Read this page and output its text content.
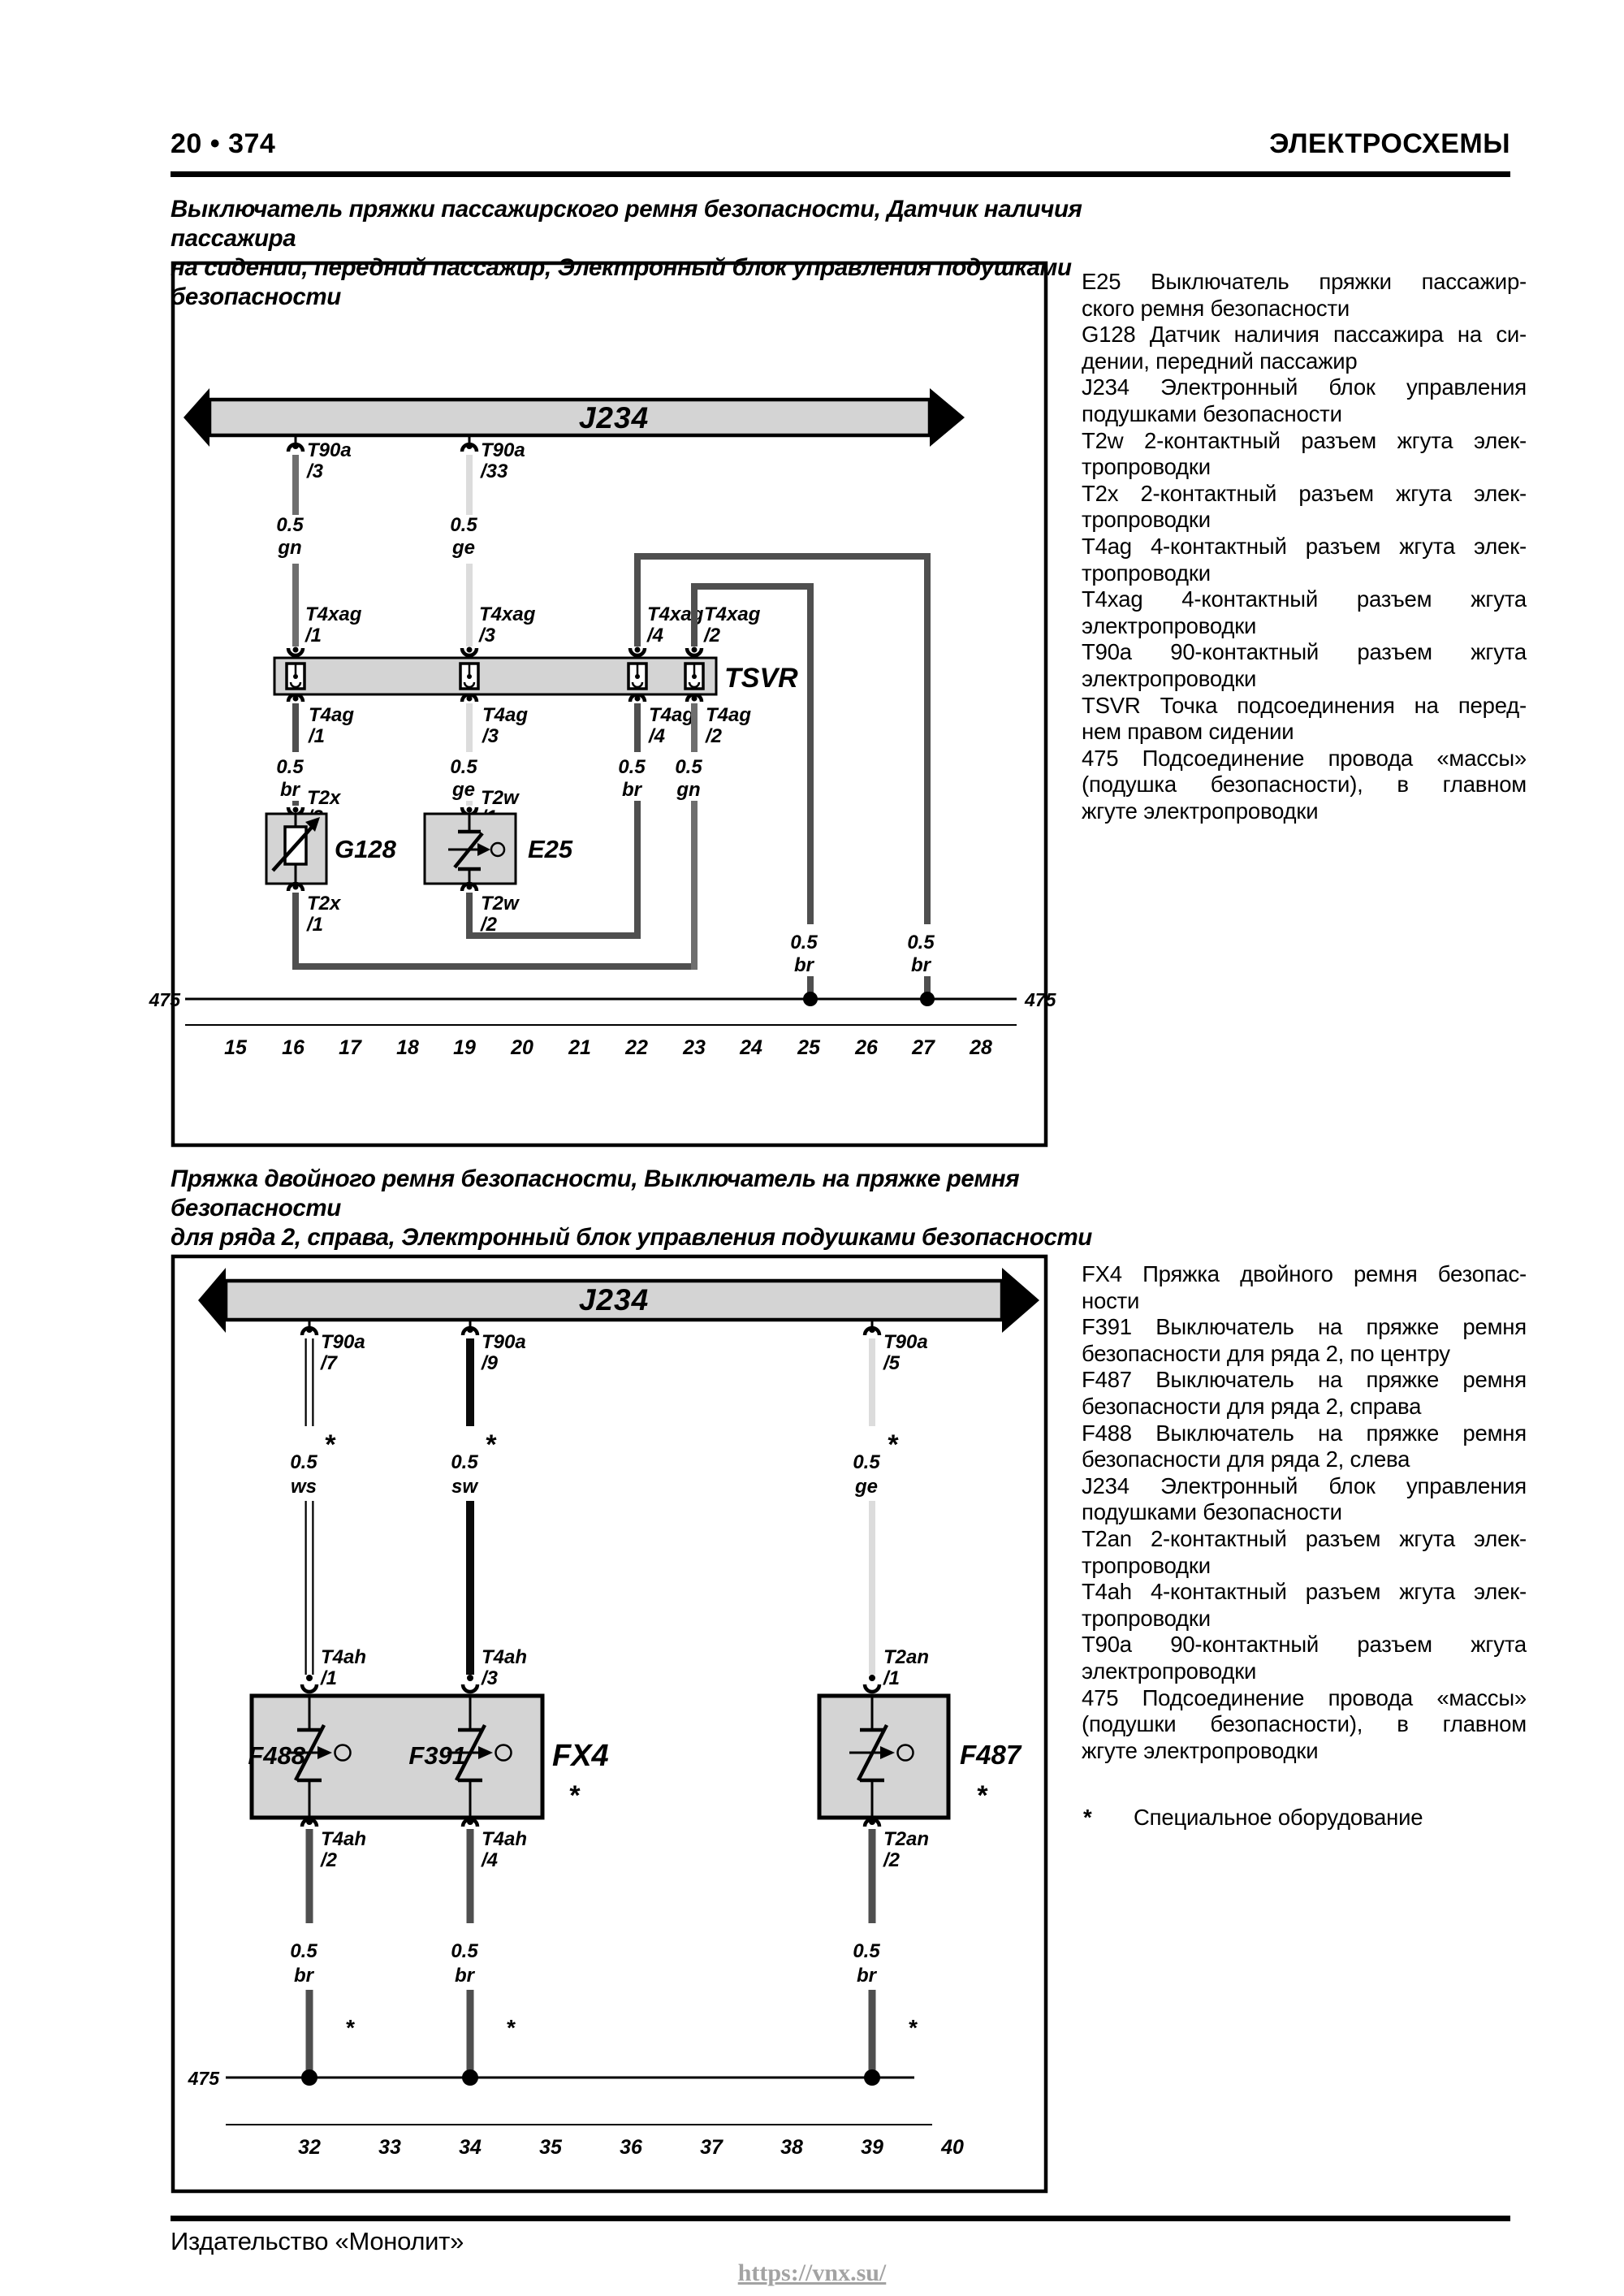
20 • 374	ЭЛЕКТРОСХЕМЫ
Выключатель пряжки пассажирского ремня безопасности, Датчик наличия пассажира
на сидении, передний пассажир, Электронный блок управления подушками безопасности
Пряжка двойного ремня безопасности, Выключатель на пряжке ремня безопасности
для ряда 2, справа, Электронный блок управления подушками безопасности
J234
T90a
/3
0.5
gn
T4xag
/1
T4ag
/1
0.5
br T2x
G128
T2x
/1
T90a
/33
0.5
ge
T4xag
/3
T4ag
/3
0.5
ge T2w
E25
T2w
/2
T4xag
/4
0.5
br
T4ag
/4
0.5
br
T4xag
/2
0.5
br
T4ag
/2
0.5
gn
TSVR
475	475
15 16 17 18 19 20 21 22 23 24 25 26 27 28
J234
T90a
/7
*
0.5
ws
T4ah
/1
T90a
/9
*
0.5
sw
T4ah
/3
T90a
/5
*
0.5
ge
T2an
/1
F488	F391	FX4
*
F487
*
T4ah
/2
0.5
br
*
T4ah
/4
0.5
br
*
T2an
/2
0.5
br
*
475
32	33	34	35	36	37	38	39	40
E25 Выключатель пряжки пассажир-
ского ремня безопасности
G128 Датчик наличия пассажира на си-
дении, передний пассажир
J234 Электронный блок управления
подушками безопасности
T2w 2-контактный разъем жгута элек-
тропроводки
T2x 2-контактный разъем жгута элек-
тропроводки
T4ag 4-контактный разъем жгута элек-
тропроводки
T4xag 4-контактный разъем жгута
электропроводки
T90a 90-контактный разъем жгута
электропроводки
TSVR Точка подсоединения на перед-
нем правом сидении
475 Подсоединение провода «массы»
(подушка безопасности), в главном
жгуте электропроводки
FX4 Пряжка двойного ремня безопас-
ности
F391 Выключатель на пряжке ремня
безопасности для ряда 2, по центру
F487 Выключатель на пряжке ремня
безопасности для ряда 2, справа
F488 Выключатель на пряжке ремня
безопасности для ряда 2, слева
J234 Электронный блок управления
подушками безопасности
T2an 2-контактный разъем жгута элек-
тропроводки
T4ah 4-контактный разъем жгута элек-
тропроводки
T90a 90-контактный разъем жгута
электропроводки
475 Подсоединение провода «массы»
(подушки безопасности), в главном
жгуте электропроводки
* Специальное оборудование
Издательство «Монолит»
https://vnx.su/
